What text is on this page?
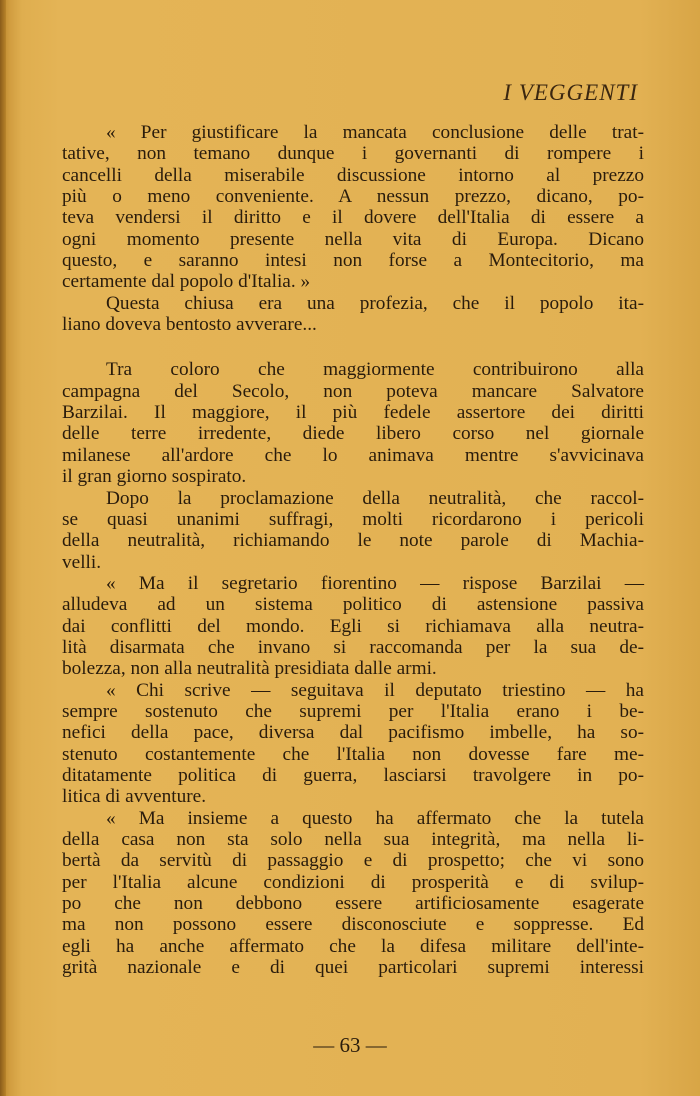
I VEGGENTI
« Per giustificare la mancata conclusione delle trat-
tative, non temano dunque i governanti di rompere i
cancelli della miserabile discussione intorno al prezzo
più o meno conveniente. A nessun prezzo, dicano, po-
teva vendersi il diritto e il dovere dell'Italia di essere a
ogni momento presente nella vita di Europa. Dicano
questo, e saranno intesi non forse a Montecitorio, ma
certamente dal popolo d'Italia. »
Questa chiusa era una profezia, che il popolo ita-
liano doveva bentosto avverare...
Tra coloro che maggiormente contribuirono alla
campagna del Secolo, non poteva mancare Salvatore
Barzilai. Il maggiore, il più fedele assertore dei diritti
delle terre irredente, diede libero corso nel giornale
milanese all'ardore che lo animava mentre s'avvicinava
il gran giorno sospirato.
Dopo la proclamazione della neutralità, che raccol-
se quasi unanimi suffragi, molti ricordarono i pericoli
della neutralità, richiamando le note parole di Machia-
velli.
« Ma il segretario fiorentino — rispose Barzilai —
alludeva ad un sistema politico di astensione passiva
dai conflitti del mondo. Egli si richiamava alla neutra-
lità disarmata che invano si raccomanda per la sua de-
bolezza, non alla neutralità presidiata dalle armi.
« Chi scrive — seguitava il deputato triestino — ha
sempre sostenuto che supremi per l'Italia erano i be-
nefici della pace, diversa dal pacifismo imbelle, ha so-
stenuto costantemente che l'Italia non dovesse fare me-
ditatamente politica di guerra, lasciarsi travolgere in po-
litica di avventure.
« Ma insieme a questo ha affermato che la tutela
della casa non sta solo nella sua integrità, ma nella li-
bertà da servitù di passaggio e di prospetto; che vi sono
per l'Italia alcune condizioni di prosperità e di svilup-
po che non debbono essere artificiosamente esagerate
ma non possono essere disconosciute e soppresse. Ed
egli ha anche affermato che la difesa militare dell'inte-
grità nazionale e di quei particolari supremi interessi
— 63 —
